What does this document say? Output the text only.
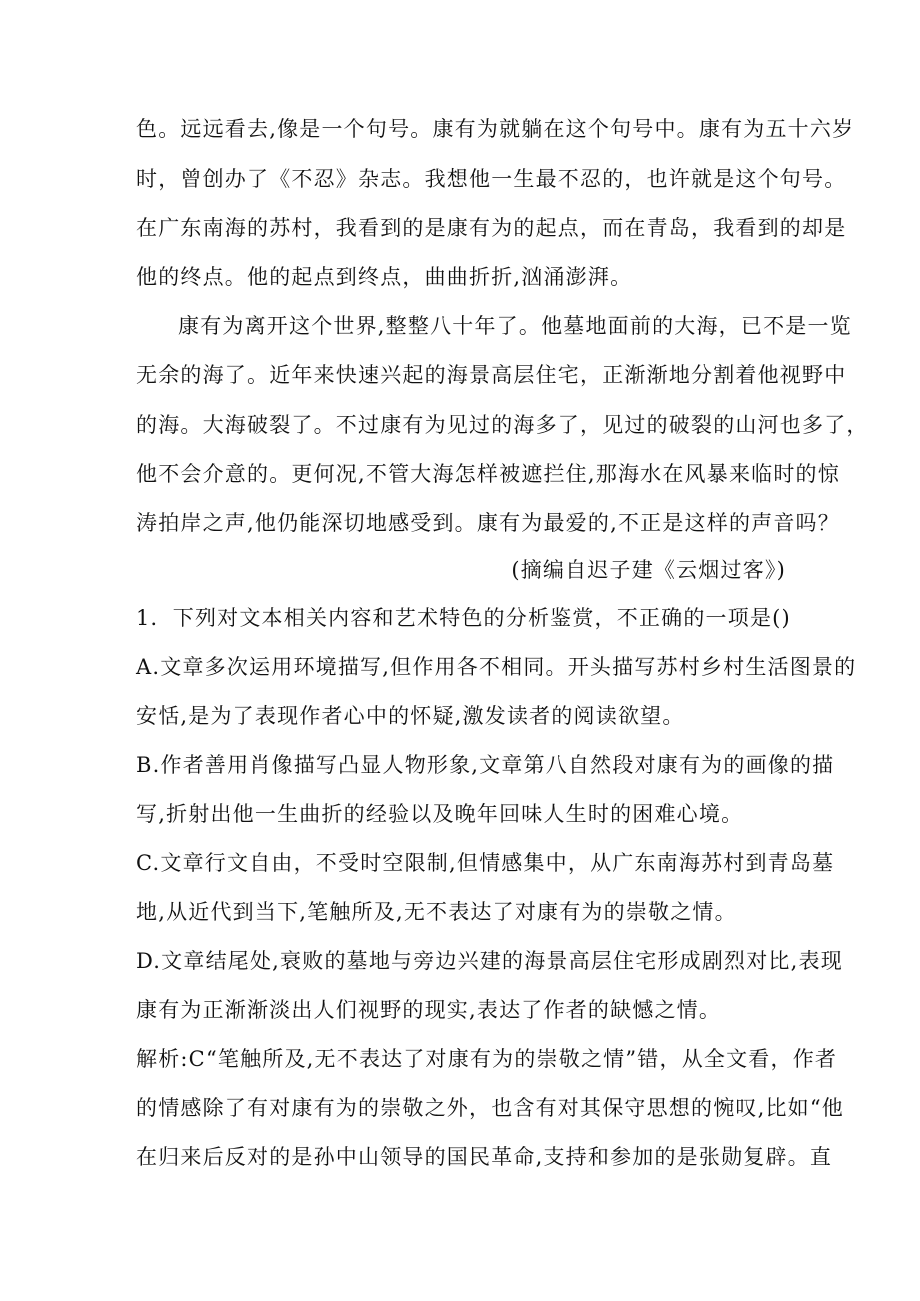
色。远远看去,像是一个句号。康有为就躺在这个句号中。康有为五十六岁
时，曾创办了《不忍》杂志。我想他一生最不忍的，也许就是这个句号。
在广东南海的苏村，我看到的是康有为的起点，而在青岛，我看到的却是
他的终点。他的起点到终点，曲曲折折,汹涌澎湃。
康有为离开这个世界,整整八十年了。他墓地面前的大海，已不是一览
无余的海了。近年来快速兴起的海景高层住宅，正渐渐地分割着他视野中
的海。大海破裂了。不过康有为见过的海多了，见过的破裂的山河也多了，
他不会介意的。更何况,不管大海怎样被遮拦住,那海水在风暴来临时的惊
涛拍岸之声,他仍能深切地感受到。康有为最爱的,不正是这样的声音吗？
(摘编自迟子建《云烟过客》)
1．下列对文本相关内容和艺术特色的分析鉴赏，不正确的一项是()
A.文章多次运用环境描写,但作用各不相同。开头描写苏村乡村生活图景的
安恬,是为了表现作者心中的怀疑,激发读者的阅读欲望。
B.作者善用肖像描写凸显人物形象,文章第八自然段对康有为的画像的描
写,折射出他一生曲折的经验以及晚年回味人生时的困难心境。
C.文章行文自由，不受时空限制,但情感集中，从广东南海苏村到青岛墓
地,从近代到当下,笔触所及,无不表达了对康有为的崇敬之情。
D.文章结尾处,衰败的墓地与旁边兴建的海景高层住宅形成剧烈对比,表现
康有为正渐渐淡出人们视野的现实,表达了作者的缺憾之情。
解析:C“笔触所及,无不表达了对康有为的崇敬之情”错，从全文看，作者
的情感除了有对康有为的崇敬之外，也含有对其保守思想的惋叹,比如“他
在归来后反对的是孙中山领导的国民革命,支持和参加的是张勋复辟。直
